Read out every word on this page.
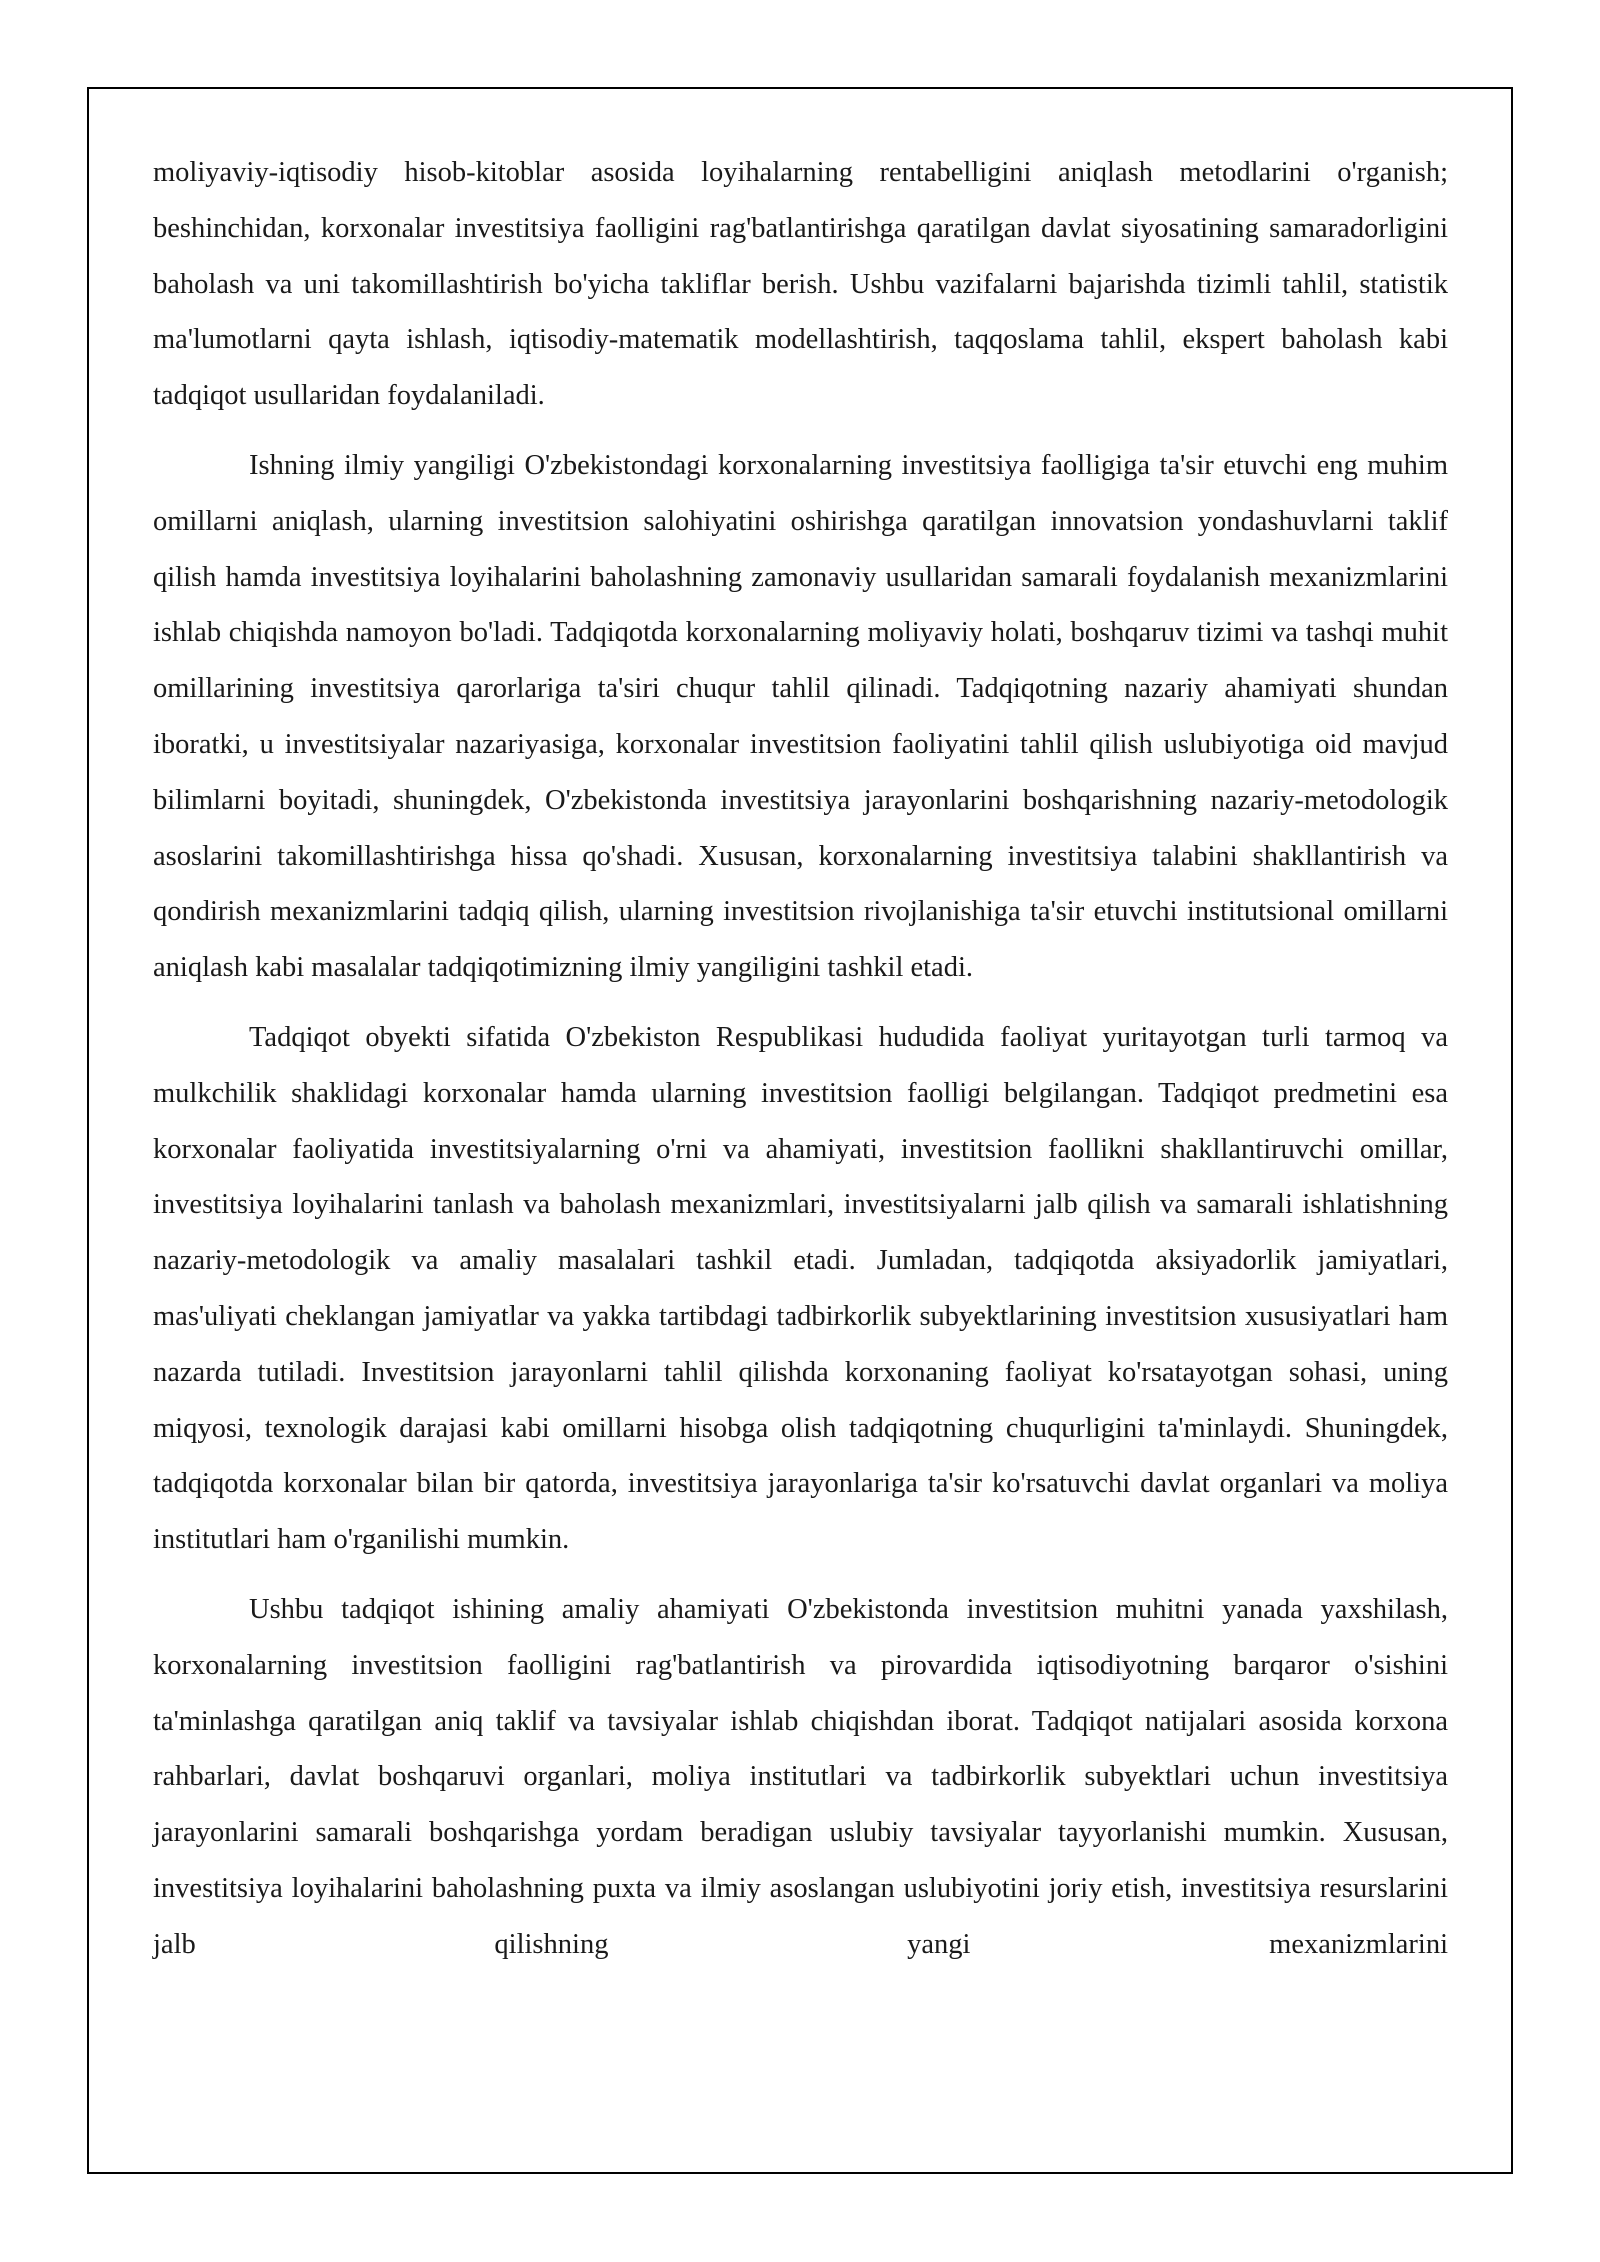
moliyaviy-iqtisodiy hisob-kitoblar asosida loyihalarning rentabelligini aniqlash metodlarini o'rganish; beshinchidan, korxonalar investitsiya faolligini rag'batlantirishga qaratilgan davlat siyosatining samaradorligini baholash va uni takomillashtirish bo'yicha takliflar berish. Ushbu vazifalarni bajarishda tizimli tahlil, statistik ma'lumotlarni qayta ishlash, iqtisodiy-matematik modellashtirish, taqqoslama tahlil, ekspert baholash kabi tadqiqot usullaridan foydalaniladi.

Ishning ilmiy yangiligi O'zbekistondagi korxonalarning investitsiya faolligiga ta'sir etuvchi eng muhim omillarni aniqlash, ularning investitsion salohiyatini oshirishga qaratilgan innovatsion yondashuvlarni taklif qilish hamda investitsiya loyihalarini baholashning zamonaviy usullaridan samarali foydalanish mexanizmlarini ishlab chiqishda namoyon bo'ladi. Tadqiqotda korxonalarning moliyaviy holati, boshqaruv tizimi va tashqi muhit omillarining investitsiya qarorlariga ta'siri chuqur tahlil qilinadi. Tadqiqotning nazariy ahamiyati shundan iboratki, u investitsiyalar nazariyasiga, korxonalar investitsion faoliyatini tahlil qilish uslubiyotiga oid mavjud bilimlarni boyitadi, shuningdek, O'zbekistonda investitsiya jarayonlarini boshqarishning nazariy-metodologik asoslarini takomillashtirishga hissa qo'shadi. Xususan, korxonalarning investitsiya talabini shakllantirish va qondirish mexanizmlarini tadqiq qilish, ularning investitsion rivojlanishiga ta'sir etuvchi institutsional omillarni aniqlash kabi masalalar tadqiqotimizning ilmiy yangiligini tashkil etadi.

Tadqiqot obyekti sifatida O'zbekiston Respublikasi hududida faoliyat yuritayotgan turli tarmoq va mulkchilik shaklidagi korxonalar hamda ularning investitsion faolligi belgilangan. Tadqiqot predmetini esa korxonalar faoliyatida investitsiyalarning o'rni va ahamiyati, investitsion faollikni shakllantiruvchi omillar, investitsiya loyihalarini tanlash va baholash mexanizmlari, investitsiyalarni jalb qilish va samarali ishlatishning nazariy-metodologik va amaliy masalalari tashkil etadi. Jumladan, tadqiqotda aksiyadorlik jamiyatlari, mas'uliyati cheklangan jamiyatlar va yakka tartibdagi tadbirkorlik subyektlarining investitsion xususiyatlari ham nazarda tutiladi. Investitsion jarayonlarni tahlil qilishda korxonaning faoliyat ko'rsatayotgan sohasi, uning miqyosi, texnologik darajasi kabi omillarni hisobga olish tadqiqotning chuqurligini ta'minlaydi. Shuningdek, tadqiqotda korxonalar bilan bir qatorda, investitsiya jarayonlariga ta'sir ko'rsatuvchi davlat organlari va moliya institutlari ham o'rganilishi mumkin.

Ushbu tadqiqot ishining amaliy ahamiyati O'zbekistonda investitsion muhitni yanada yaxshilash, korxonalarning investitsion faolligini rag'batlantirish va pirovardida iqtisodiyotning barqaror o'sishini ta'minlashga qaratilgan aniq taklif va tavsiyalar ishlab chiqishdan iborat. Tadqiqot natijalari asosida korxona rahbarlari, davlat boshqaruvi organlari, moliya institutlari va tadbirkorlik subyektlari uchun investitsiya jarayonlarini samarali boshqarishga yordam beradigan uslubiy tavsiyalar tayyorlanishi mumkin. Xususan, investitsiya loyihalarini baholashning puxta va ilmiy asoslangan uslubiyotini joriy etish, investitsiya resurslarini jalb qilishning yangi mexanizmlarini
